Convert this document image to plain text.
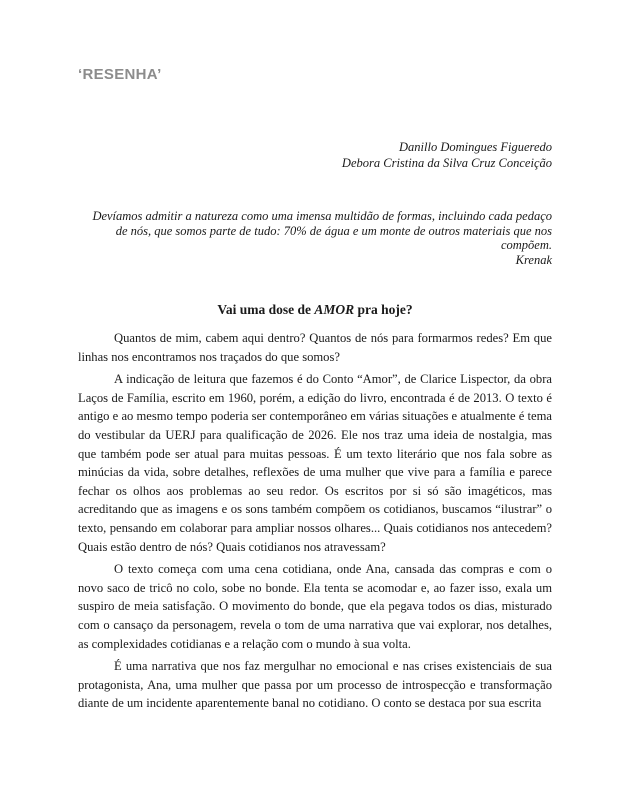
‘RESENHA’
Danillo Domingues Figueredo
Debora Cristina da Silva Cruz Conceição
Devíamos admitir a natureza como uma imensa multidão de formas, incluindo cada pedaço de nós, que somos parte de tudo: 70% de água e um monte de outros materiais que nos compõem.
Krenak
Vai uma dose de AMOR pra hoje?

Quantos de mim, cabem aqui dentro? Quantos de nós para formarmos redes? Em que linhas nos encontramos nos traçados do que somos?

A indicação de leitura que fazemos é do Conto “Amor”, de Clarice Lispector, da obra Laços de Família, escrito em 1960, porém, a edição do livro, encontrada é de 2013. O texto é antigo e ao mesmo tempo poderia ser contemporâneo em várias situações e atualmente é tema do vestibular da UERJ para qualificação de 2026. Ele nos traz uma ideia de nostalgia, mas que também pode ser atual para muitas pessoas. É um texto literário que nos fala sobre as minúcias da vida, sobre detalhes, reflexões de uma mulher que vive para a família e parece fechar os olhos aos problemas ao seu redor. Os escritos por si só são imagéticos, mas acreditando que as imagens e os sons também compõem os cotidianos, buscamos “ilustrar” o texto, pensando em colaborar para ampliar nossos olhares... Quais cotidianos nos antecedem? Quais estão dentro de nós? Quais cotidianos nos atravessam?

O texto começa com uma cena cotidiana, onde Ana, cansada das compras e com o novo saco de tricô no colo, sobe no bonde. Ela tenta se acomodar e, ao fazer isso, exala um suspiro de meia satisfação. O movimento do bonde, que ela pegava todos os dias, misturado com o cansaço da personagem, revela o tom de uma narrativa que vai explorar, nos detalhes, as complexidades cotidianas e a relação com o mundo à sua volta.

É uma narrativa que nos faz mergulhar no emocional e nas crises existenciais de sua protagonista, Ana, uma mulher que passa por um processo de introspecção e transformação diante de um incidente aparentemente banal no cotidiano. O conto se destaca por sua escrita
